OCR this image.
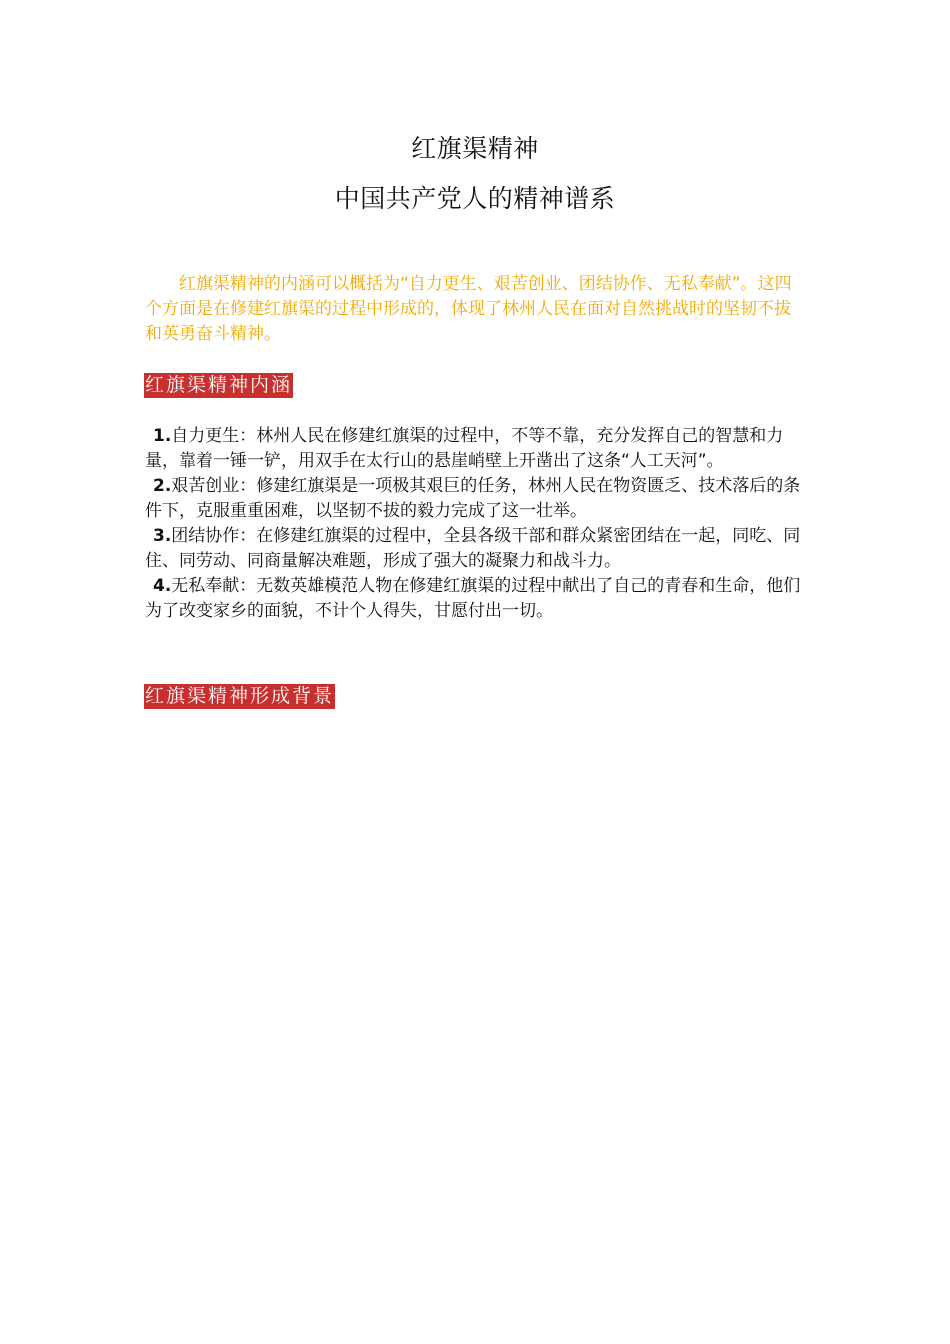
红旗渠精神
中国共产党人的精神谱系

红旗渠精神的内涵可以概括为“自力更生、艰苦创业、团结协作、无私奉献”。这四个方面是在修建红旗渠的过程中形成的，体现了林州人民在面对自然挑战时的坚韧不拔和英勇奋斗精神。

红旗渠精神内涵
1.自力更生：林州人民在修建红旗渠的过程中，不等不靠，充分发挥自己的智慧和力量，靠着一锤一铲，用双手在太行山的悬崖峭壁上开凿出了这条“人工天河”。
2.艰苦创业：修建红旗渠是一项极其艰巨的任务，林州人民在物资匮乏、技术落后的条件下，克服重重困难，以坚韧不拔的毅力完成了这一壮举。
3.团结协作：在修建红旗渠的过程中，全县各级干部和群众紧密团结在一起，同吃、同住、同劳动、同商量解决难题，形成了强大的凝聚力和战斗力。
4.无私奉献：无数英雄模范人物在修建红旗渠的过程中献出了自己的青春和生命，他们为了改变家乡的面貌，不计个人得失，甘愿付出一切。
红旗渠精神形成背景
